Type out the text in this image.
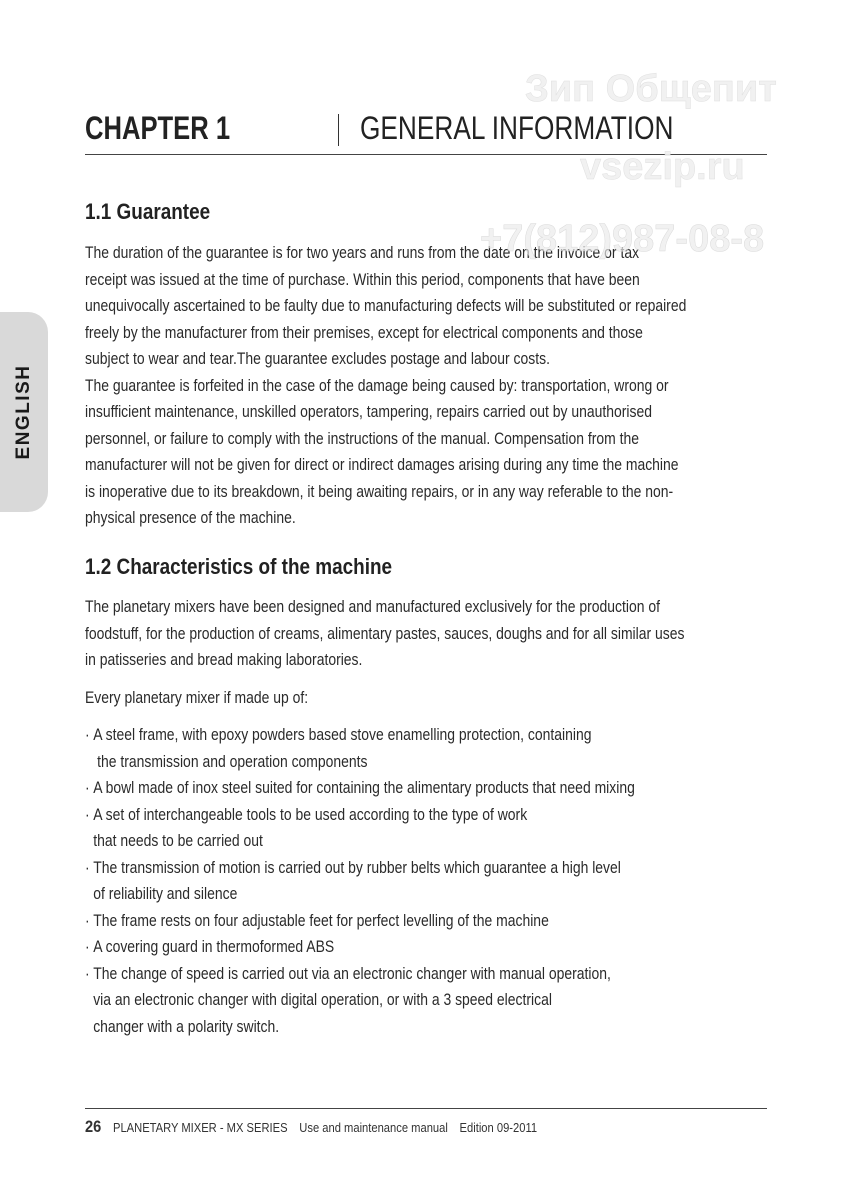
ENGLISH
CHAPTER 1	GENERAL INFORMATION
Зип Общепит
vsezip.ru
1.1 Guarantee

The duration of the guarantee is for two years and runs from the date on the invoice or tax

receipt was issued at the time of purchase. Within this period, components that have been

unequivocally ascertained to be faulty due to manufacturing defects will be substituted or repaired

freely by the manufacturer from their premises, except for electrical components and those

subject to wear and tear.The guarantee excludes postage and labour costs.

The guarantee is forfeited in the case of the damage being caused by: transportation, wrong or

insufficient maintenance, unskilled operators, tampering, repairs carried out by unauthorised

personnel, or failure to comply with the instructions of the manual. Compensation from the

manufacturer will not be given for direct or indirect damages arising during any time the machine

is inoperative due to its breakdown, it being awaiting repairs, or in any way referable to the non-

physical presence of the machine.

+7(812)987-08-8
1.2 Characteristics of the machine

The planetary mixers have been designed and manufactured exclusively for the production of

foodstuff, for the production of creams, alimentary pastes, sauces, doughs and for all similar uses

in patisseries and bread making laboratories.

Every planetary mixer if made up of:
· A steel frame, with epoxy powders based stove enamelling protection, containing
the transmission and operation components
· A bowl made of inox steel suited for containing the alimentary products that need mixing
· A set of interchangeable tools to be used according to the type of work
that needs to be carried out
· The transmission of motion is carried out by rubber belts which guarantee a high level
of reliability and silence
· The frame rests on four adjustable feet for perfect levelling of the machine
· A covering guard in thermoformed ABS
· The change of speed is carried out via an electronic changer with manual operation,
via an electronic changer with digital operation, or with a 3 speed electrical
changer with a polarity switch.
26 PLANETARY MIXER - MX SERIES Use and maintenance manual Edition 09-2011
